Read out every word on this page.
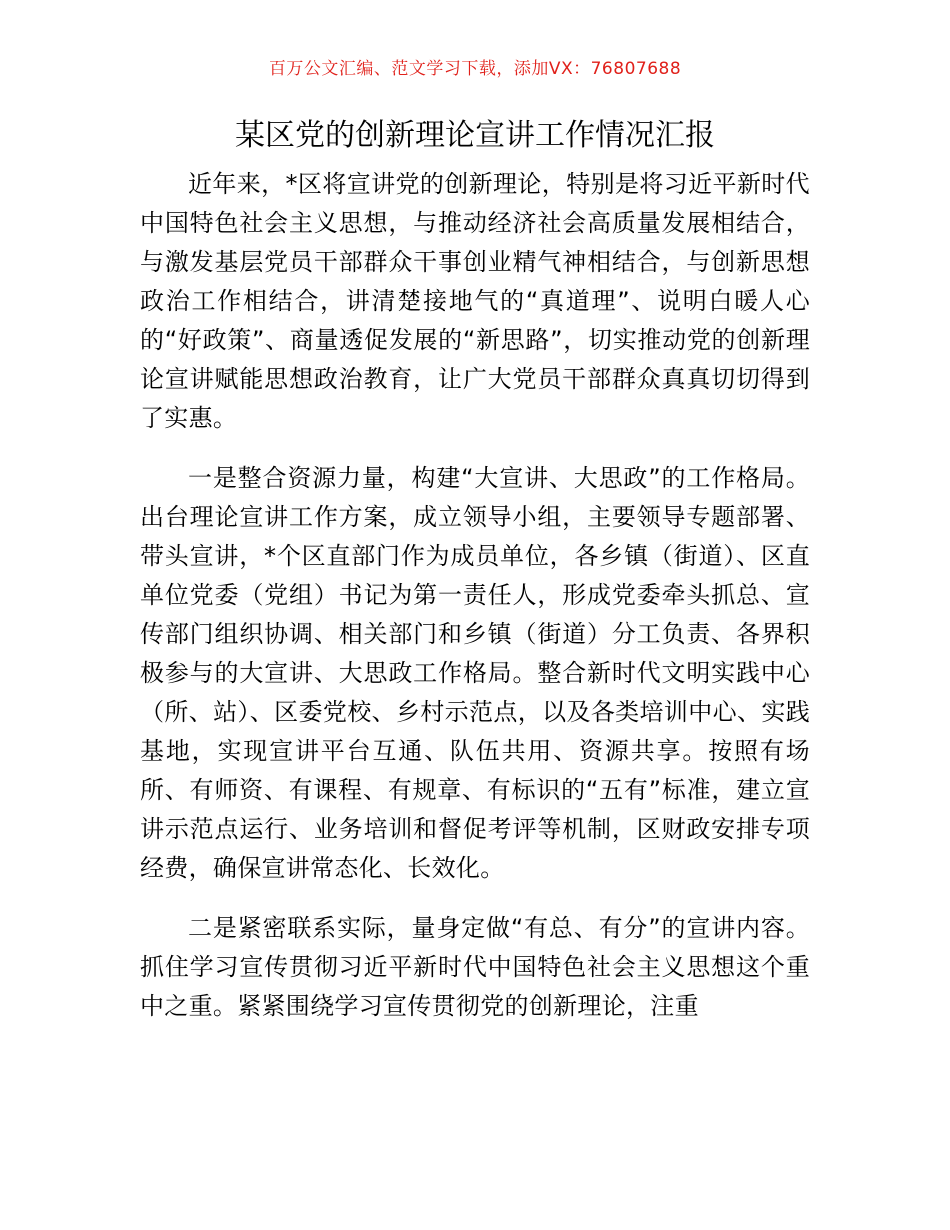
百万公文汇编、范文学习下载，添加VX：76807688
某区党的创新理论宣讲工作情况汇报

近年来，*区将宣讲党的创新理论，特别是将习近平新时代中国特色社会主义思想，与推动经济社会高质量发展相结合，与激发基层党员干部群众干事创业精气神相结合，与创新思想政治工作相结合，讲清楚接地气的“真道理”、说明白暖人心的“好政策”、商量透促发展的“新思路”，切实推动党的创新理论宣讲赋能思想政治教育，让广大党员干部群众真真切切得到了实惠。

一是整合资源力量，构建“大宣讲、大思政”的工作格局。出台理论宣讲工作方案，成立领导小组，主要领导专题部署、带头宣讲，*个区直部门作为成员单位，各乡镇（街道）、区直单位党委（党组）书记为第一责任人，形成党委牵头抓总、宣传部门组织协调、相关部门和乡镇（街道）分工负责、各界积极参与的大宣讲、大思政工作格局。整合新时代文明实践中心（所、站）、区委党校、乡村示范点，以及各类培训中心、实践基地，实现宣讲平台互通、队伍共用、资源共享。按照有场所、有师资、有课程、有规章、有标识的“五有”标准，建立宣讲示范点运行、业务培训和督促考评等机制，区财政安排专项经费，确保宣讲常态化、长效化。

二是紧密联系实际，量身定做“有总、有分”的宣讲内容。抓住学习宣传贯彻习近平新时代中国特色社会主义思想这个重中之重。紧紧围绕学习宣传贯彻党的创新理论，注重
